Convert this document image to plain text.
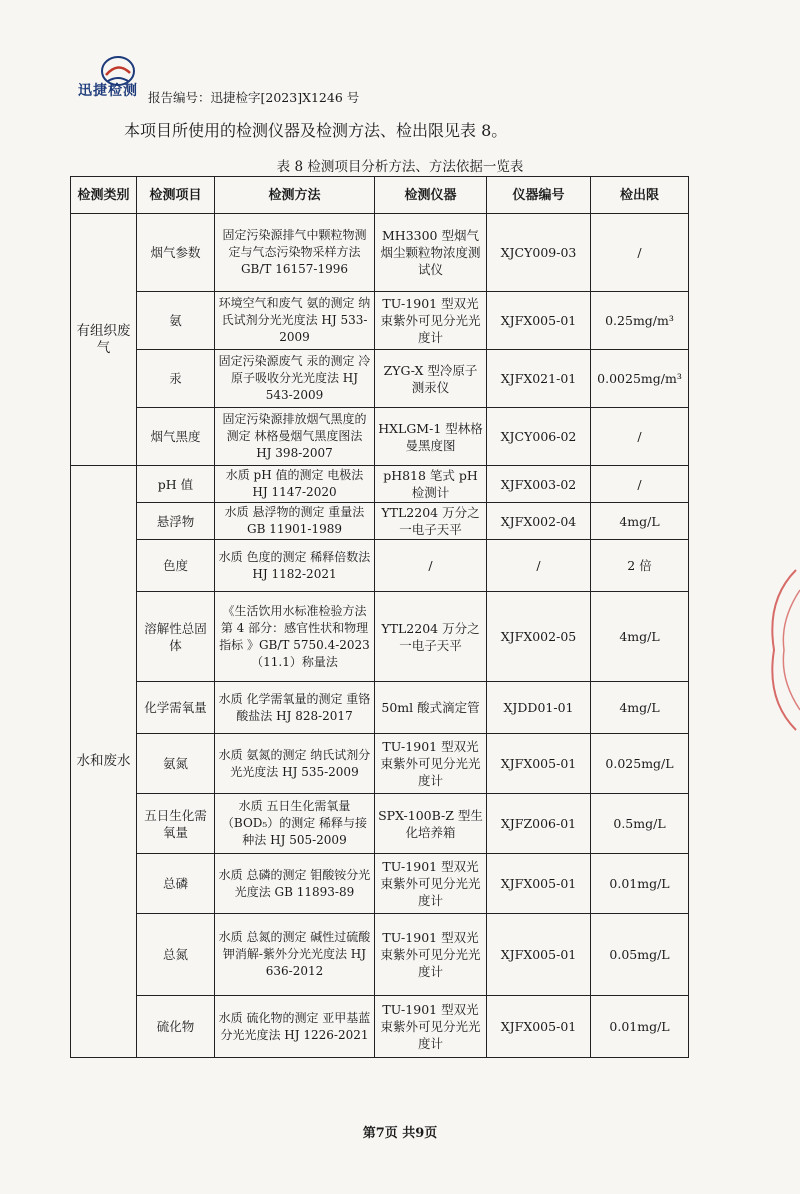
迅捷检测 报告编号：迅捷检字[2023]X1246 号
本项目所使用的检测仪器及检测方法、检出限见表 8。
表 8 检测项目分析方法、方法依据一览表
检测类别	检测项目	检测方法	检测仪器	仪器编号	检出限
有组织废气	烟气参数	固定污染源排气中颗粒物测定与气态污染物采样方法 GB/T 16157-1996	MH3300 型烟气烟尘颗粒物浓度测试仪	XJCY009-03	/
	氨	环境空气和废气 氨的测定 纳氏试剂分光光度法 HJ 533-2009	TU-1901 型双光束紫外可见分光光度计	XJFX005-01	0.25mg/m³
	汞	固定污染源废气 汞的测定 冷原子吸收分光光度法 HJ 543-2009	ZYG-X 型冷原子测汞仪	XJFX021-01	0.0025mg/m³
	烟气黑度	固定污染源排放烟气黑度的测定 林格曼烟气黑度图法 HJ 398-2007	HXLGM-1 型林格曼黑度图	XJCY006-02	/
水和废水	pH 值	水质 pH 值的测定 电极法 HJ 1147-2020	pH818 笔式 pH 检测计	XJFX003-02	/
	悬浮物	水质 悬浮物的测定 重量法 GB 11901-1989	YTL2204 万分之一电子天平	XJFX002-04	4mg/L
	色度	水质 色度的测定 稀释倍数法 HJ 1182-2021	/	/	2 倍
	溶解性总固体	《生活饮用水标准检验方法 第 4 部分：感官性状和物理指标 》GB/T 5750.4-2023（11.1）称量法	YTL2204 万分之一电子天平	XJFX002-05	4mg/L
	化学需氧量	水质 化学需氧量的测定 重铬酸盐法 HJ 828-2017	50ml 酸式滴定管	XJDD01-01	4mg/L
	氨氮	水质 氨氮的测定 纳氏试剂分光光度法 HJ 535-2009	TU-1901 型双光束紫外可见分光光度计	XJFX005-01	0.025mg/L
	五日生化需氧量	水质 五日生化需氧量（BOD₅）的测定 稀释与接种法 HJ 505-2009	SPX-100B-Z 型生化培养箱	XJFZ006-01	0.5mg/L
	总磷	水质 总磷的测定 钼酸铵分光光度法 GB 11893-89	TU-1901 型双光束紫外可见分光光度计	XJFX005-01	0.01mg/L
	总氮	水质 总氮的测定 碱性过硫酸钾消解-紫外分光光度法 HJ 636-2012	TU-1901 型双光束紫外可见分光光度计	XJFX005-01	0.05mg/L
	硫化物	水质 硫化物的测定 亚甲基蓝分光光度法 HJ 1226-2021	TU-1901 型双光束紫外可见分光光度计	XJFX005-01	0.01mg/L
第7页 共9页
